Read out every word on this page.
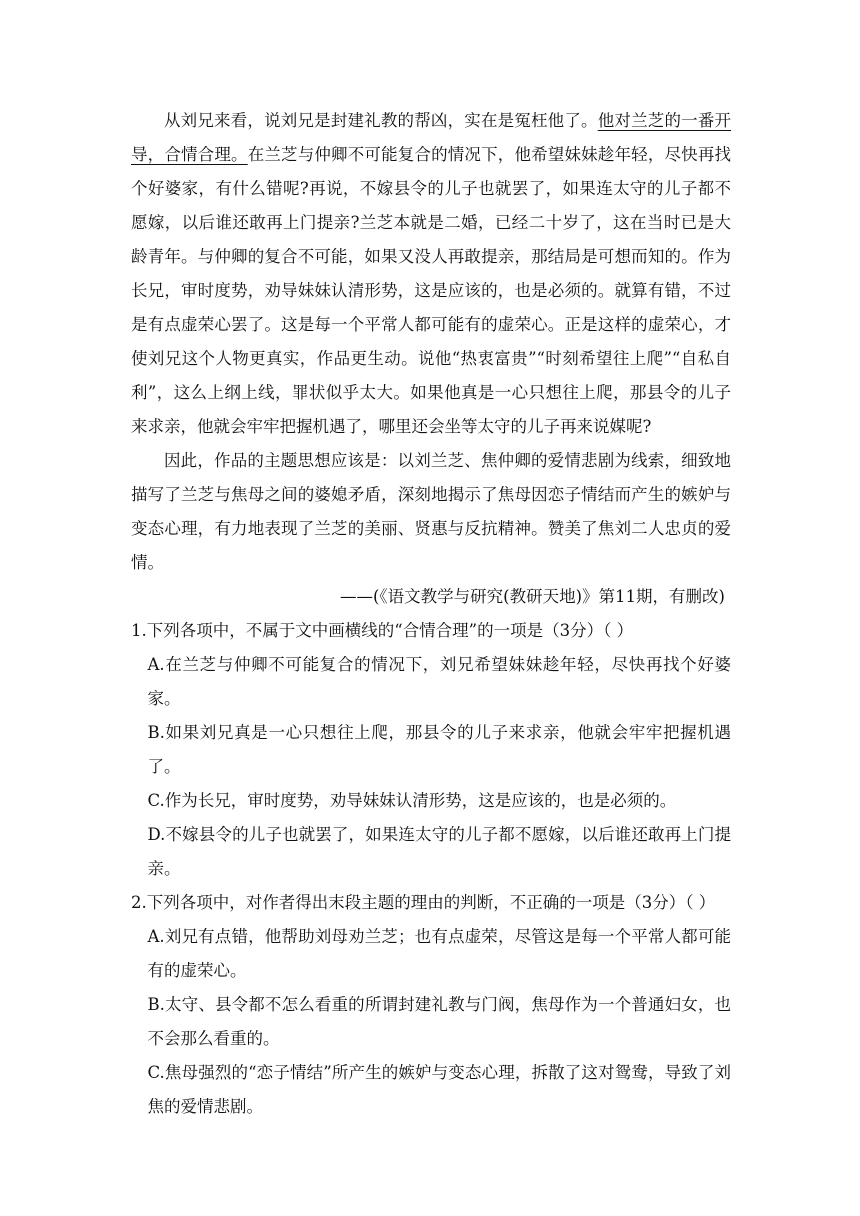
从刘兄来看，说刘兄是封建礼教的帮凶，实在是冤枉他了。他对兰芝的一番开导，合情合理。在兰芝与仲卿不可能复合的情况下，他希望妹妹趁年轻，尽快再找个好婆家，有什么错呢?再说，不嫁县令的儿子也就罢了，如果连太守的儿子都不愿嫁，以后谁还敢再上门提亲?兰芝本就是二婚，已经二十岁了，这在当时已是大龄青年。与仲卿的复合不可能，如果又没人再敢提亲，那结局是可想而知的。作为长兄，审时度势，劝导妹妹认清形势，这是应该的，也是必须的。就算有错，不过是有点虚荣心罢了。这是每一个平常人都可能有的虚荣心。正是这样的虚荣心，才使刘兄这个人物更真实，作品更生动。说他“热衷富贵”“时刻希望往上爬”“自私自利”，这么上纲上线，罪状似乎太大。如果他真是一心只想往上爬，那县令的儿子来求亲，他就会牢牢把握机遇了，哪里还会坐等太守的儿子再来说媒呢?

因此，作品的主题思想应该是：以刘兰芝、焦仲卿的爱情悲剧为线索，细致地描写了兰芝与焦母之间的婆媳矛盾，深刻地揭示了焦母因恋子情结而产生的嫉妒与变态心理，有力地表现了兰芝的美丽、贤惠与反抗精神。赞美了焦刘二人忠贞的爱情。

——(《语文教学与研究(教研天地)》第11期，有删改)

1.下列各项中，不属于文中画横线的“合情合理”的一项是（3分）（ ）

A.在兰芝与仲卿不可能复合的情况下，刘兄希望妹妹趁年轻，尽快再找个好婆家。

B.如果刘兄真是一心只想往上爬，那县令的儿子来求亲，他就会牢牢把握机遇了。

C.作为长兄，审时度势，劝导妹妹认清形势，这是应该的，也是必须的。

D.不嫁县令的儿子也就罢了，如果连太守的儿子都不愿嫁，以后谁还敢再上门提亲。

2.下列各项中，对作者得出末段主题的理由的判断，不正确的一项是（3分）（ ）

A.刘兄有点错，他帮助刘母劝兰芝；也有点虚荣，尽管这是每一个平常人都可能有的虚荣心。

B.太守、县令都不怎么看重的所谓封建礼教与门阀，焦母作为一个普通妇女，也不会那么看重的。

C.焦母强烈的“恋子情结”所产生的嫉妒与变态心理，拆散了这对鸳鸯，导致了刘焦的爱情悲剧。
